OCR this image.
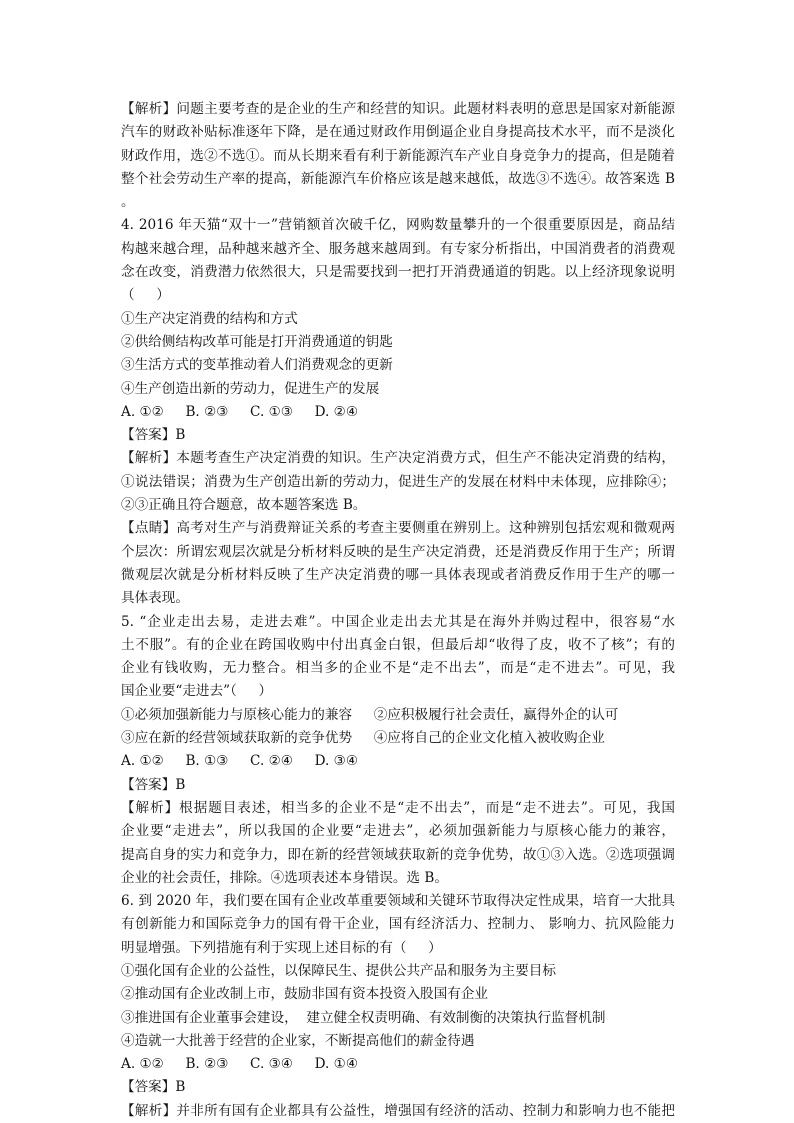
【解析】问题主要考查的是企业的生产和经营的知识。此题材料表明的意思是国家对新能源
汽车的财政补贴标准逐年下降，是在通过财政作用倒逼企业自身提高技术水平，而不是淡化
财政作用，选②不选①。而从长期来看有利于新能源汽车产业自身竞争力的提高，但是随着
整个社会劳动生产率的提高，新能源汽车价格应该是越来越低，故选③不选④。故答案选 B
。
4. 2016 年天猫“双十一”营销额首次破千亿，网购数量攀升的一个很重要原因是，商品结
构越来越合理，品种越来越齐全、服务越来越周到。有专家分析指出，中国消费者的消费观
念在改变，消费潜力依然很大，只是需要找到一把打开消费通道的钥匙。以上经济现象说明
（     ）
①生产决定消费的结构和方式
②供给侧结构改革可能是打开消费通道的钥匙
③生活方式的变革推动着人们消费观念的更新
④生产创造出新的劳动力，促进生产的发展
A. ①②     B. ②③     C. ①③     D. ②④
【答案】B
【解析】本题考查生产决定消费的知识。生产决定消费方式，但生产不能决定消费的结构，
①说法错误；消费为生产创造出新的劳动力，促进生产的发展在材料中未体现，应排除④；
②③正确且符合题意，故本题答案选 B。
【点睛】高考对生产与消费辩证关系的考查主要侧重在辨别上。这种辨别包括宏观和微观两
个层次：所谓宏观层次就是分析材料反映的是生产决定消费，还是消费反作用于生产；所谓
微观层次就是分析材料反映了生产决定消费的哪一具体表现或者消费反作用于生产的哪一
具体表现。
5. “企业走出去易，走进去难”。中国企业走出去尤其是在海外并购过程中，很容易“水
土不服”。有的企业在跨国收购中付出真金白银，但最后却“收得了皮，收不了核”；有的
企业有钱收购，无力整合。相当多的企业不是“走不出去”，而是“走不进去”。可见，我
国企业要“走进去”（     ）
①必须加强新能力与原核心能力的兼容     ②应积极履行社会责任，赢得外企的认可
③应在新的经营领域获取新的竞争优势     ④应将自己的企业文化植入被收购企业
A. ①②     B. ①③     C. ②④     D. ③④
【答案】B
【解析】根据题目表述，相当多的企业不是“走不出去”，而是“走不进去”。可见，我国
企业要“走进去”，所以我国的企业要“走进去”，必须加强新能力与原核心能力的兼容，
提高自身的实力和竞争力，即在新的经营领域获取新的竞争优势，故①③入选。②选项强调
企业的社会责任，排除。④选项表述本身错误。选 B。
6. 到 2020 年，我们要在国有企业改革重要领域和关键环节取得决定性成果，培育一大批具
有创新能力和国际竞争力的国有骨干企业，国有经济活力、控制力、 影响力、抗风险能力
明显增强。下列措施有利于实现上述目标的有（     ）
①强化国有企业的公益性，以保障民生、提供公共产品和服务为主要目标
②推动国有企业改制上市，鼓励非国有资本投资入股国有企业
③推进国有企业董事会建设，  建立健全权责明确、有效制衡的决策执行监督机制
④造就一大批善于经营的企业家，不断提高他们的薪金待遇
A. ①②     B. ②③     C. ③④     D. ①④
【答案】B
【解析】并非所有国有企业都具有公益性，增强国有经济的活动、控制力和影响力也不能把
